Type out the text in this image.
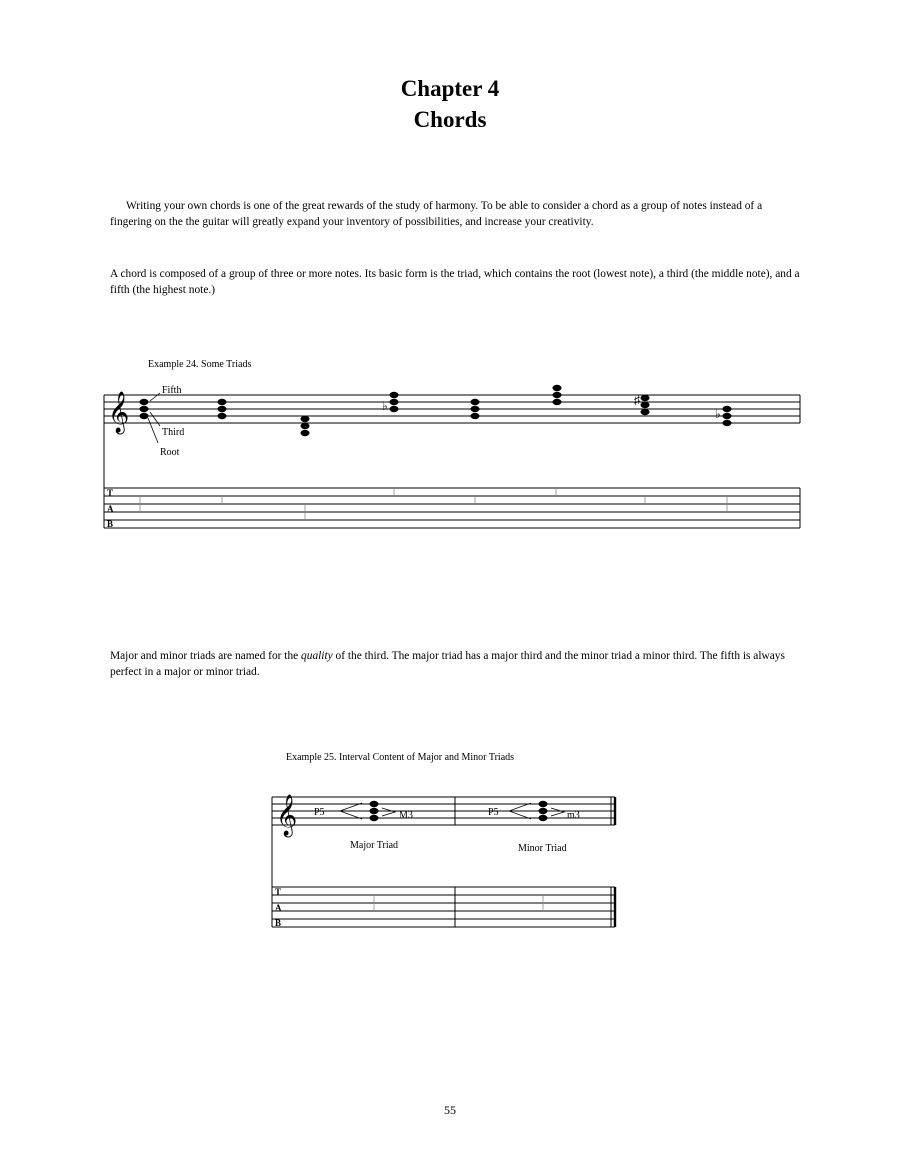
Chapter 4
Chords

Writing your own chords is one of the great rewards of the study of harmony. To be able to consider a chord as a group of notes instead of a fingering on the the guitar will greatly expand your inventory of possibilities, and increase your creativity.

A chord is composed of a group of three or more notes. Its basic form is the triad, which contains the root (lowest note), a third (the middle note), and a fifth (the highest note.)

Example 24. Some Triads
𝄞	♭	♯
♭
Fifth
Third
Root
T
A
B

Major and minor triads are named for the quality of the third. The major triad has a major third and the minor triad a minor third. The fifth is always perfect in a major or minor triad.

Example 25. Interval Content of Major and Minor Triads
𝄞 P5	M3	P5	m3
Major Triad	Minor Triad
T
A
B
55
